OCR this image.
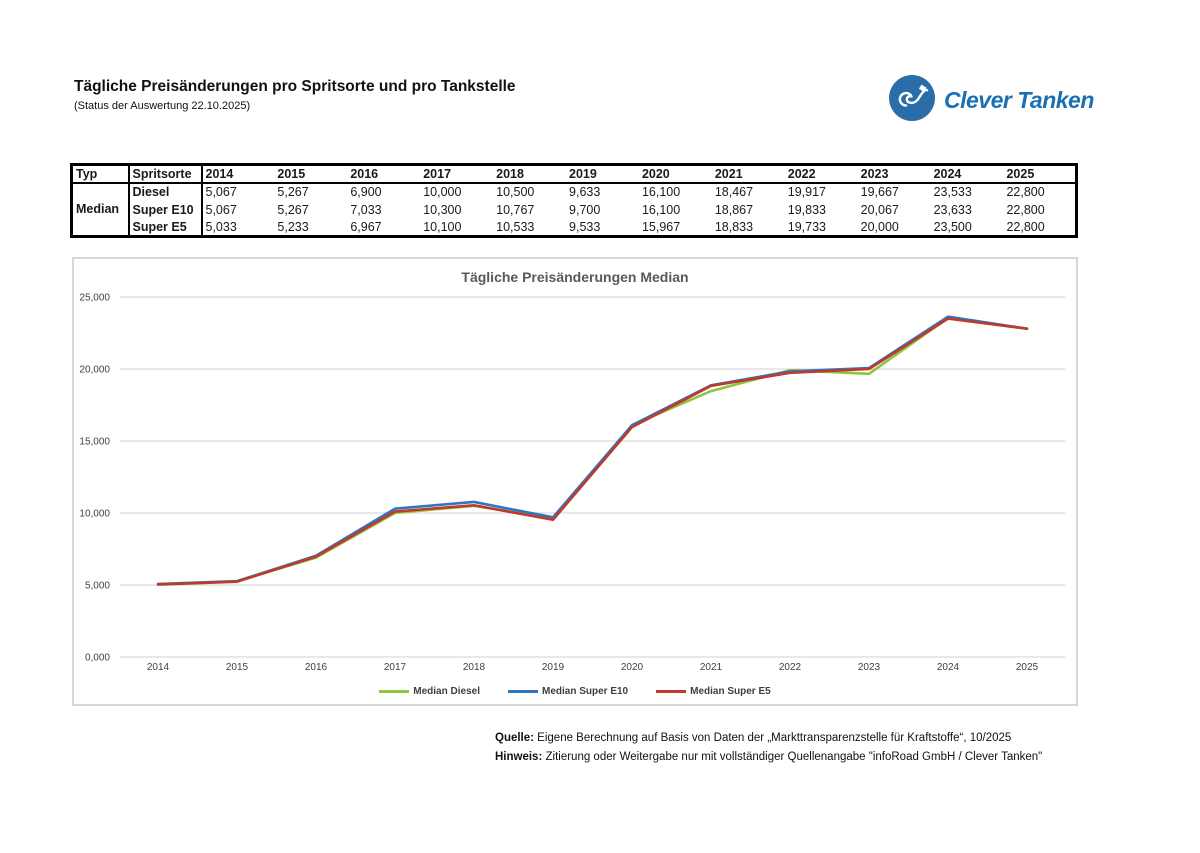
Tägliche Preisänderungen pro Spritsorte und pro Tankstelle
(Status der Auswertung 22.10.2025)	Clever Tanken
Typ	Spritsorte	2014	2015	2016	2017	2018	2019	2020	2021	2022	2023	2024	2025
Median	Diesel	5,067	5,267	6,900	10,000	10,500	9,633	16,100	18,467	19,917	19,667	23,533	22,800
	Super E10	5,067	5,267	7,033	10,300	10,767	9,700	16,100	18,867	19,833	20,067	23,633	22,800
	Super E5	5,033	5,233	6,967	10,100	10,533	9,533	15,967	18,833	19,733	20,000	23,500	22,800
Tägliche Preisänderungen Median
0,000
5,000
10,000
15,000
20,000
25,000
2014	2015	2016	2017	2018	2019	2020	2021	2022	2023	2024	2025
Median Diesel	Median Super E10	Median Super E5
Quelle: Eigene Berechnung auf Basis von Daten der „Markttransparenzstelle für Kraftstoffe“, 10/2025
Hinweis: Zitierung oder Weitergabe nur mit vollständiger Quellenangabe "infoRoad GmbH / Clever Tanken"
